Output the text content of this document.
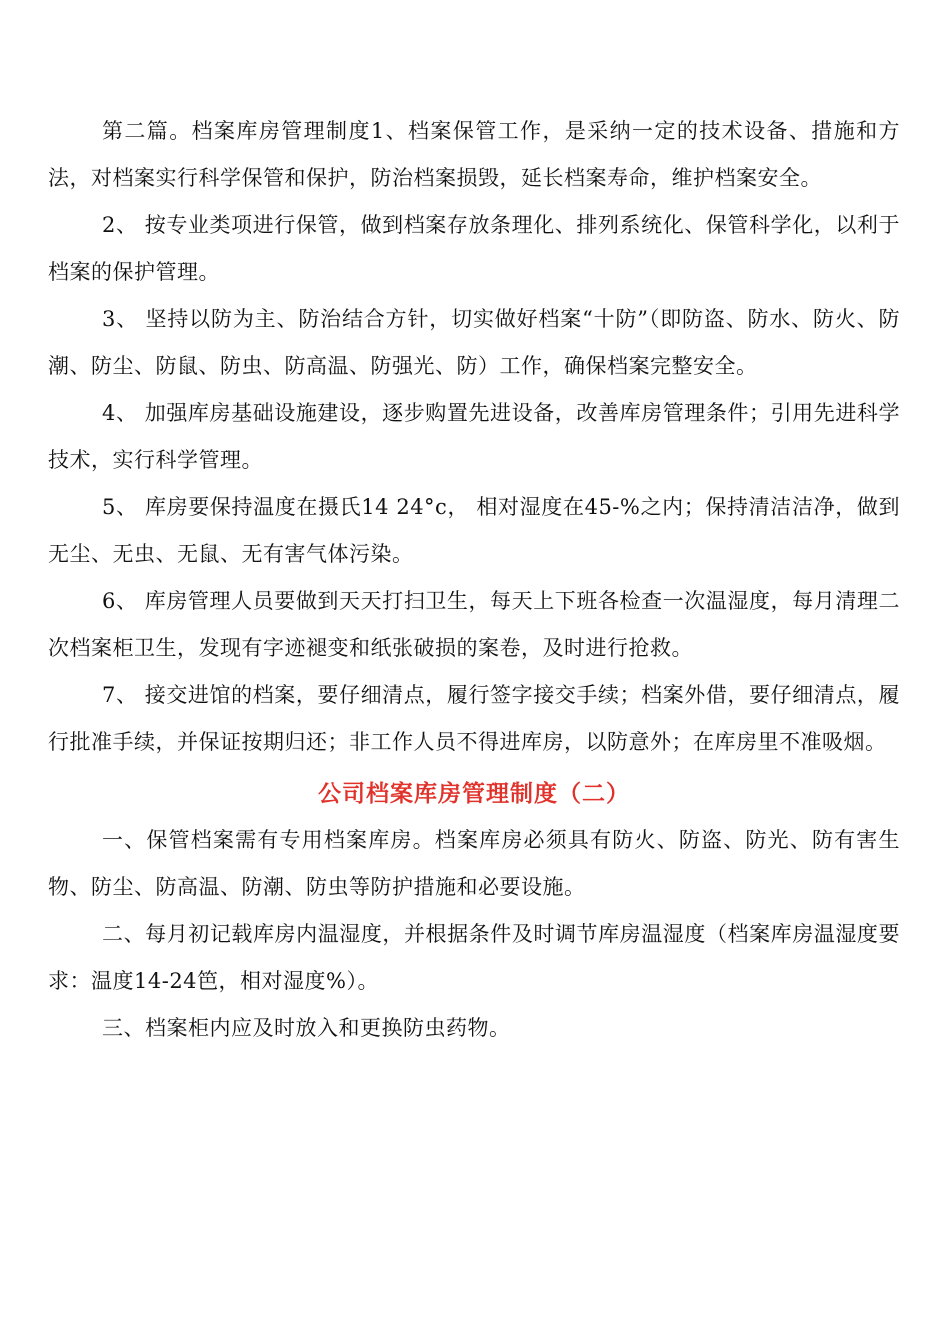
第二篇。档案库房管理制度1、档案保管工作，是采纳一定的技术设备、措施和方法，对档案实行科学保管和保护，防治档案损毁，延长档案寿命，维护档案安全。

2、 按专业类项进行保管，做到档案存放条理化、排列系统化、保管科学化，以利于档案的保护管理。

3、 坚持以防为主、防治结合方针，切实做好档案“十防”（即防盗、防水、防火、防潮、防尘、防鼠、防虫、防高温、防强光、防）工作，确保档案完整安全。

4、 加强库房基础设施建设，逐步购置先进设备，改善库房管理条件；引用先进科学技术，实行科学管理。

5、 库房要保持温度在摄氏14 24°c， 相对湿度在45-%之内；保持清洁洁净，做到无尘、无虫、无鼠、无有害气体污染。

6、 库房管理人员要做到天天打扫卫生，每天上下班各检查一次温湿度，每月清理二次档案柜卫生，发现有字迹褪变和纸张破损的案卷，及时进行抢救。

7、 接交进馆的档案，要仔细清点，履行签字接交手续；档案外借，要仔细清点，履行批准手续，并保证按期归还；非工作人员不得进库房，以防意外；在库房里不准吸烟。

公司档案库房管理制度（二）

一、保管档案需有专用档案库房。档案库房必须具有防火、防盗、防光、防有害生物、防尘、防高温、防潮、防虫等防护措施和必要设施。

二、每月初记载库房内温湿度，并根据条件及时调节库房温湿度（档案库房温湿度要求：温度14-24笆，相对湿度%）。

三、档案柜内应及时放入和更换防虫药物。
